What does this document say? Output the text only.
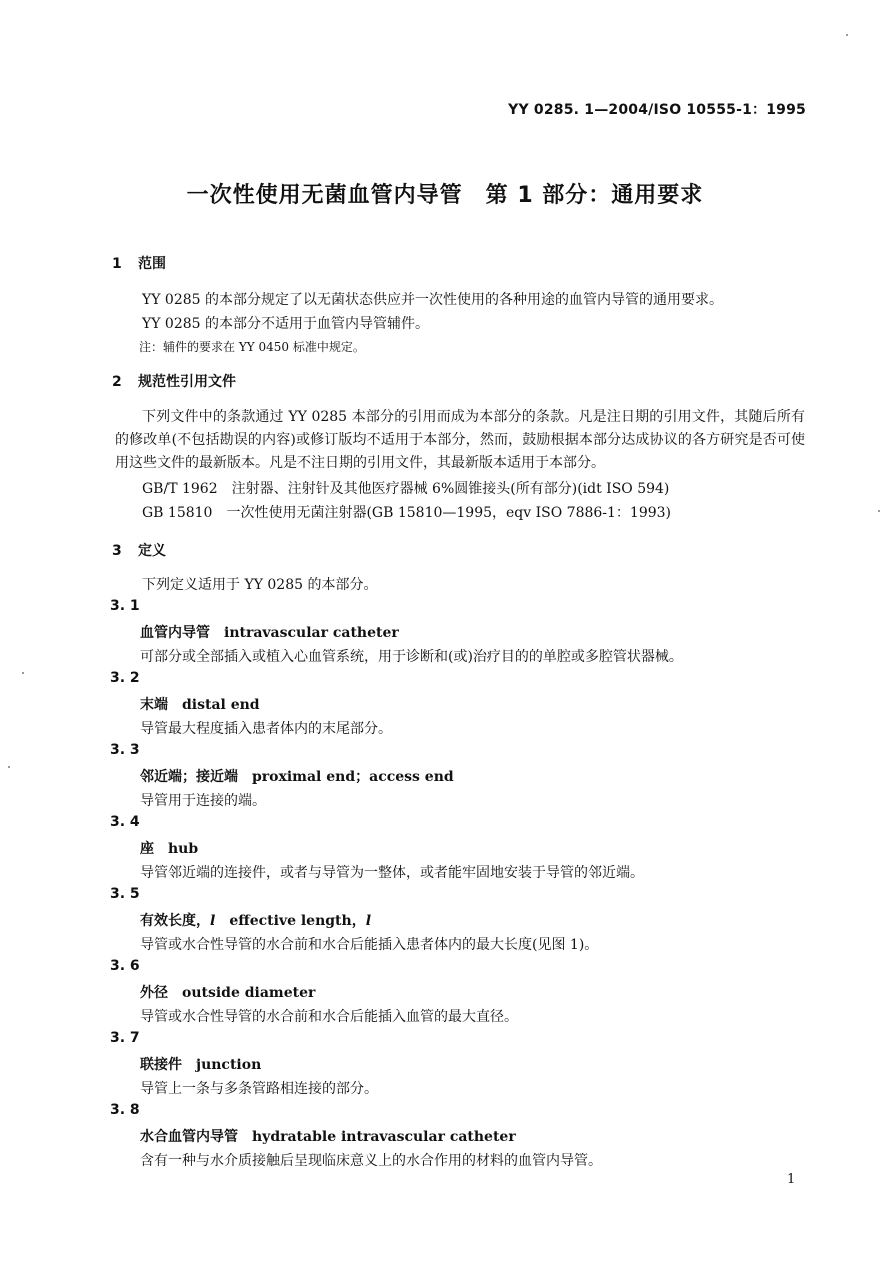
YY 0285. 1—2004/ISO 10555-1：1995
一次性使用无菌血管内导管　第 1 部分：通用要求
1 范围
YY 0285 的本部分规定了以无菌状态供应并一次性使用的各种用途的血管内导管的通用要求。
YY 0285 的本部分不适用于血管内导管辅件。
注：辅件的要求在 YY 0450 标准中规定。
2 规范性引用文件
下列文件中的条款通过 YY 0285 本部分的引用而成为本部分的条款。凡是注日期的引用文件，其随后所有的修改单(不包括勘误的内容)或修订版均不适用于本部分，然而，鼓励根据本部分达成协议的各方研究是否可使用这些文件的最新版本。凡是不注日期的引用文件，其最新版本适用于本部分。
GB/T 1962　注射器、注射针及其他医疗器械 6%圆锥接头(所有部分)(idt ISO 594)
GB 15810　一次性使用无菌注射器(GB 15810—1995，eqv ISO 7886-1：1993)
3 定义
下列定义适用于 YY 0285 的本部分。
3. 1
血管内导管 intravascular catheter
可部分或全部插入或植入心血管系统，用于诊断和(或)治疗目的的单腔或多腔管状器械。
3. 2
末端 distal end
导管最大程度插入患者体内的末尾部分。
3. 3
邻近端；接近端 proximal end；access end
导管用于连接的端。
3. 4
座 hub
导管邻近端的连接件，或者与导管为一整体，或者能牢固地安装于导管的邻近端。
3. 5
有效长度，l effective length，l
导管或水合性导管的水合前和水合后能插入患者体内的最大长度(见图 1)。
3. 6
外径 outside diameter
导管或水合性导管的水合前和水合后能插入血管的最大直径。
3. 7
联接件 junction
导管上一条与多条管路相连接的部分。
3. 8
水合血管内导管 hydratable intravascular catheter
含有一种与水介质接触后呈现临床意义上的水合作用的材料的血管内导管。
1
